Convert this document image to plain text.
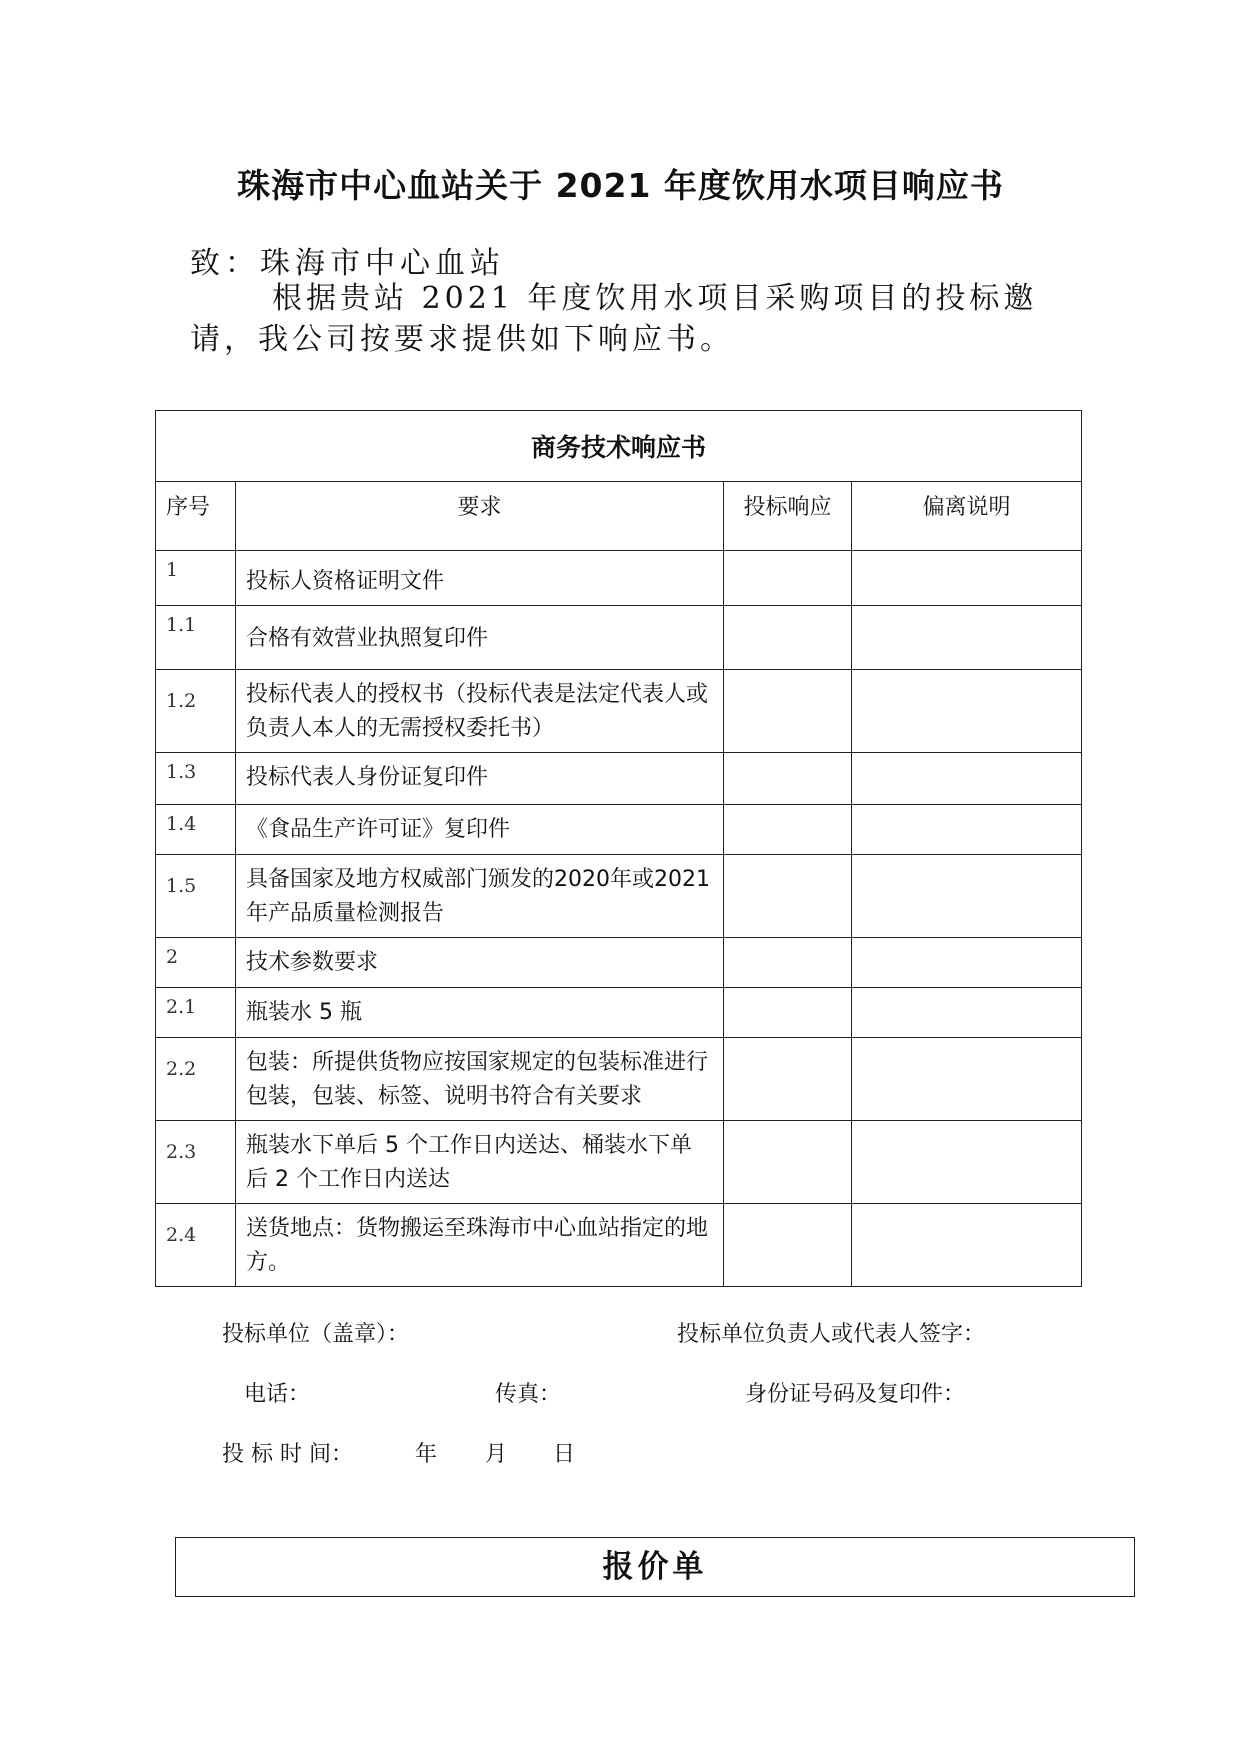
珠海市中心血站关于 2021 年度饮用水项目响应书
致：珠海市中心血站

根据贵站 2021 年度饮用水项目采购项目的投标邀请，我公司按要求提供如下响应书。

商务技术响应书			
序号	要求	投标响应	偏离说明
1	投标人资格证明文件		
1.1	合格有效营业执照复印件		
1.2	投标代表人的授权书（投标代表是法定代表人或负责人本人的无需授权委托书）		
1.3	投标代表人身份证复印件		
1.4	《食品生产许可证》复印件		
1.5	具备国家及地方权威部门颁发的2020年或2021年产品质量检测报告		
2	技术参数要求		
2.1	瓶装水 5 瓶		
2.2	包装：所提供货物应按国家规定的包装标准进行包装，包装、标签、说明书符合有关要求		
2.3	瓶装水下单后 5 个工作日内送达、桶装水下单后 2 个工作日内送达		
2.4	送货地点：货物搬运至珠海市中心血站指定的地方。		
投标单位（盖章）：	投标单位负责人或代表人签字：
电话：	传真：	身份证号码及复印件：
投 标 时 间：	年 月 日
报价单
